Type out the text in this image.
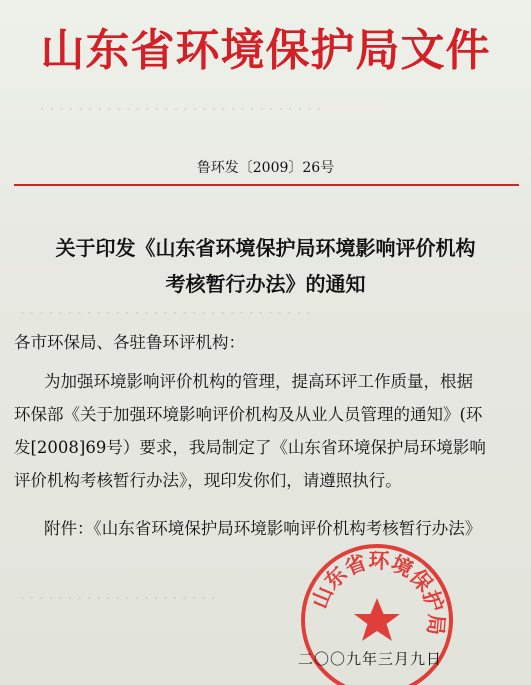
. . . . . . . . . . . . . . . . . . . . . . . . . . . . . .
. . . . . . . . . . . . . . . . . . . . . . . . . . . . . . .
. . . . . . . . . . . . . . . . . . . . .
山东省环境保护局文件
鲁环发〔2009〕26号
关于印发《山东省环境保护局环境影响评价机构
考核暂行办法》的通知
各市环保局、各驻鲁环评机构：
为加强环境影响评价机构的管理，提高环评工作质量，根据
环保部《关于加强环境影响评价机构及从业人员管理的通知》(环
发[2008]69号）要求，我局制定了《山东省环境保护局环境影响
评价机构考核暂行办法》，现印发你们，请遵照执行。
附件：《山东省环境保护局环境影响评价机构考核暂行办法》
山东省环境保护局
二〇〇九年三月九日
